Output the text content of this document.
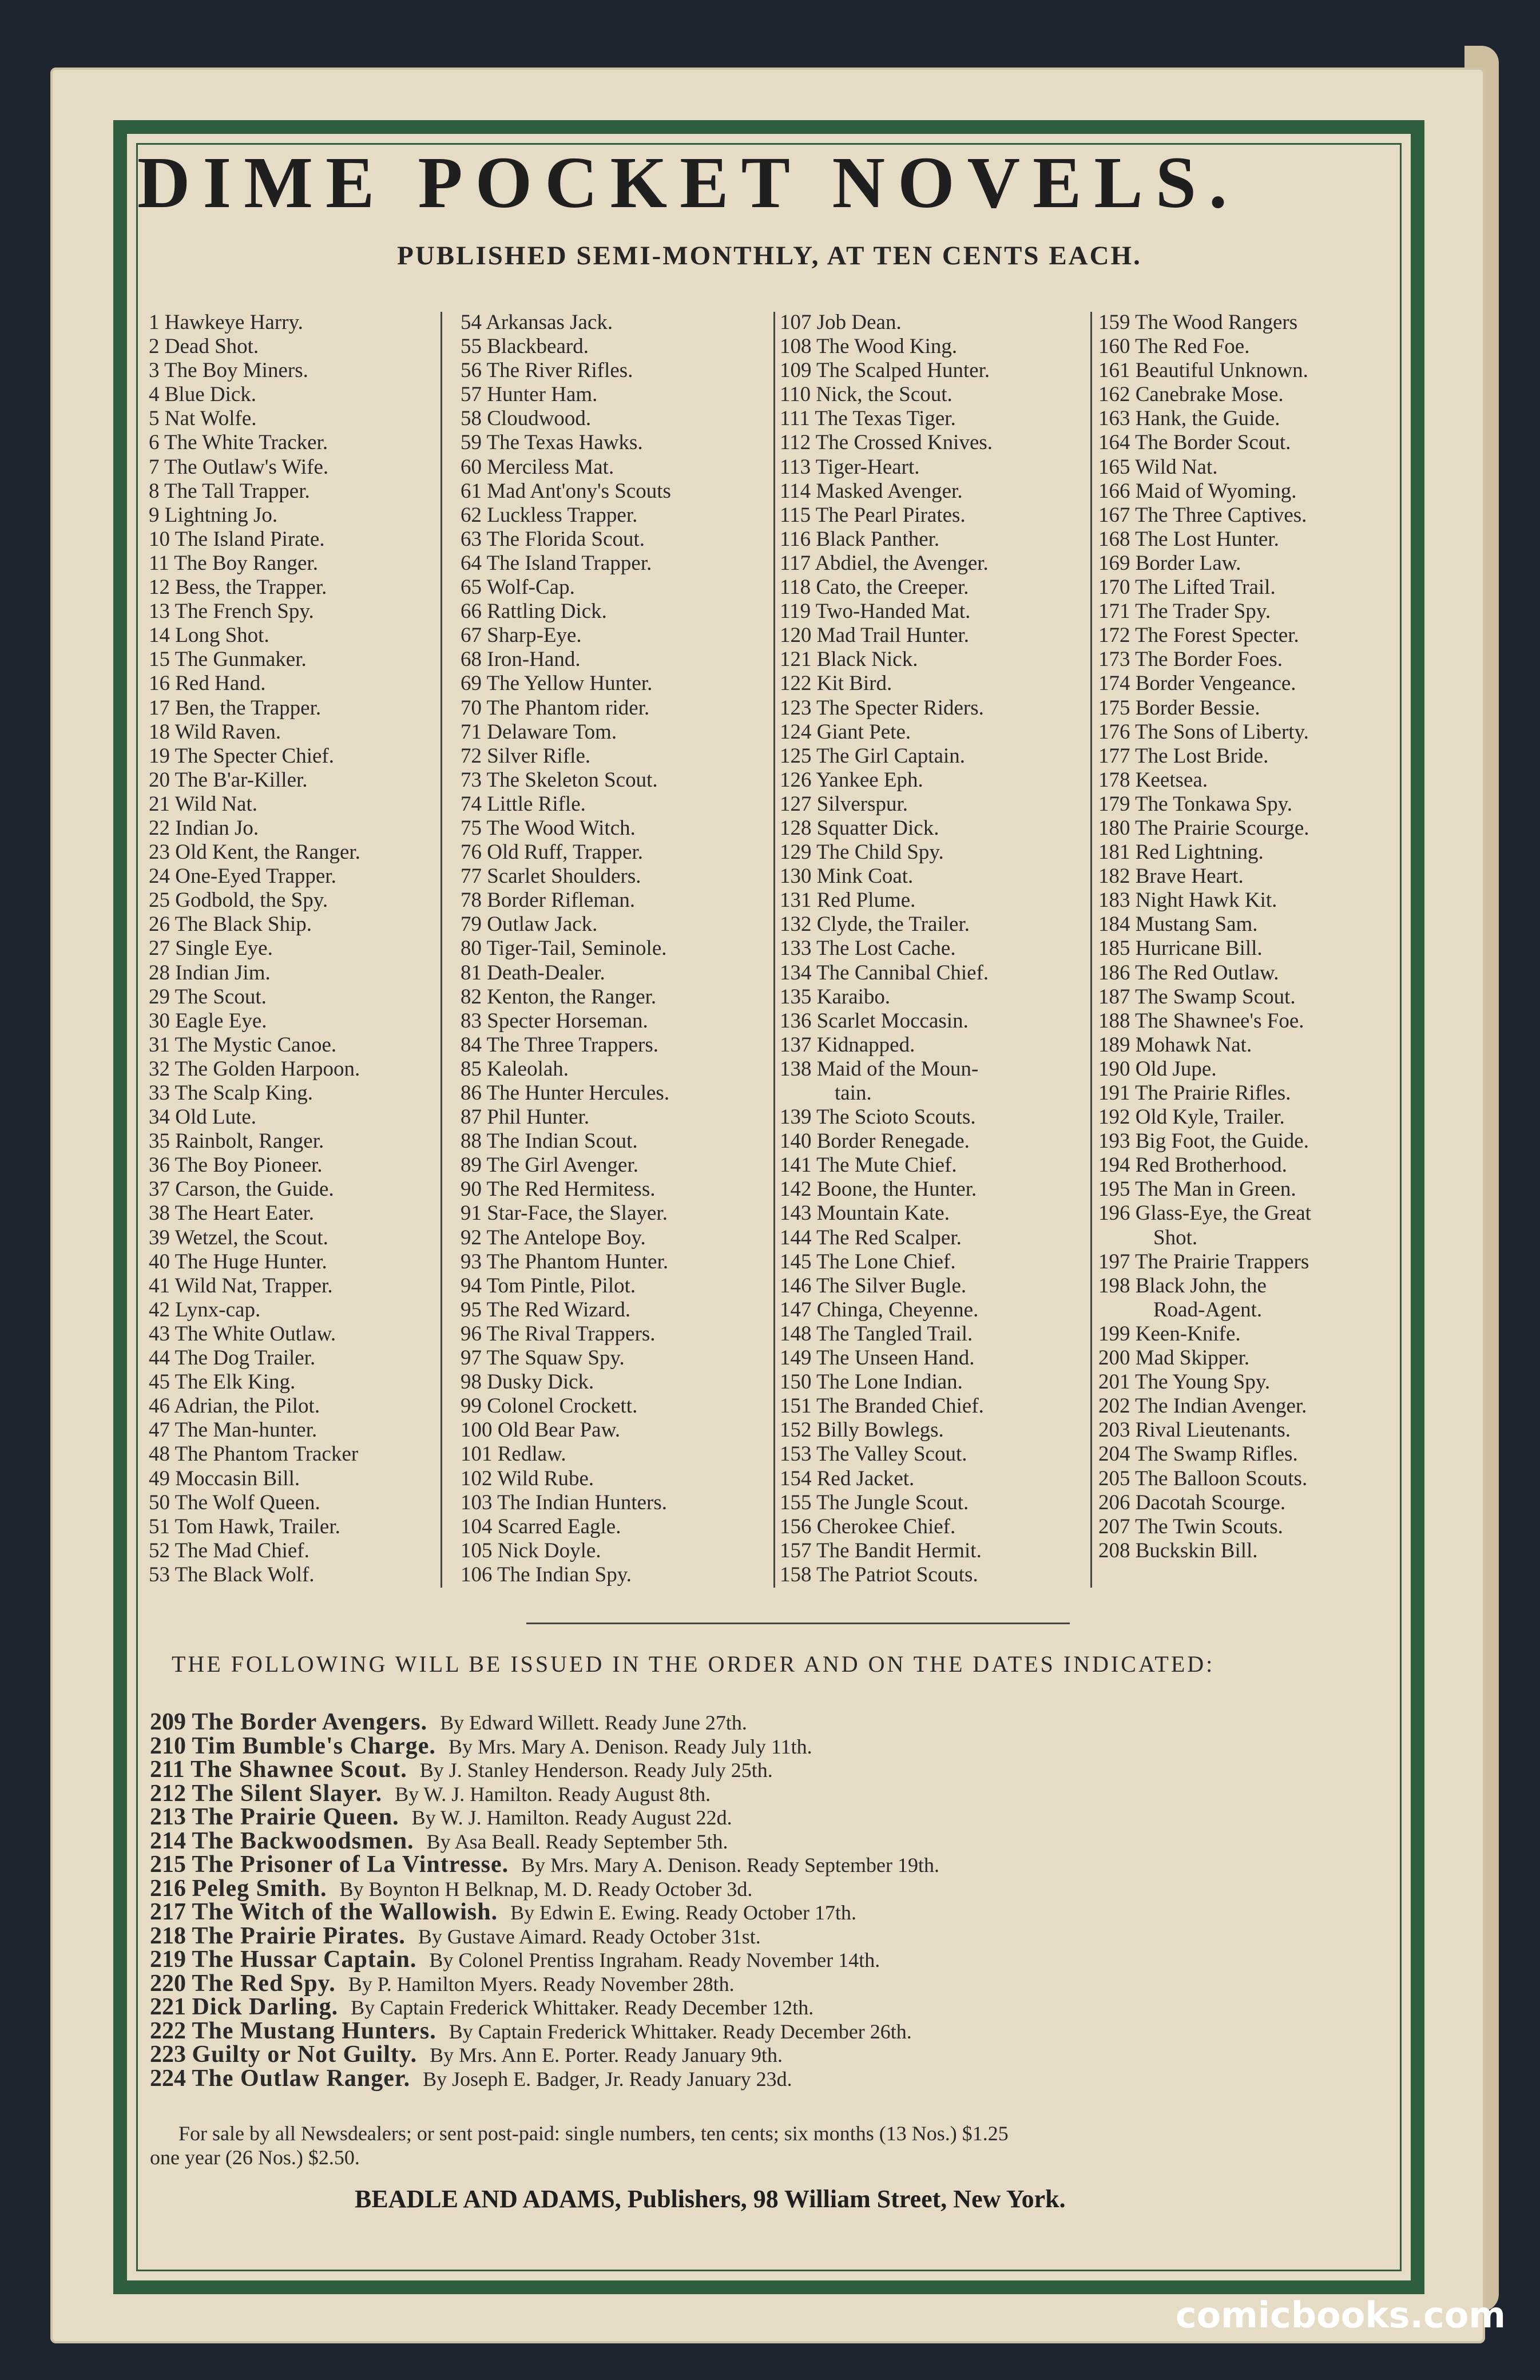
DIME POCKET NOVELS.
PUBLISHED SEMI-MONTHLY, AT TEN CENTS EACH.
1 Hawkeye Harry.
2 Dead Shot.
3 The Boy Miners.
4 Blue Dick.
5 Nat Wolfe.
6 The White Tracker.
7 The Outlaw's Wife.
8 The Tall Trapper.
9 Lightning Jo.
10 The Island Pirate.
11 The Boy Ranger.
12 Bess, the Trapper.
13 The French Spy.
14 Long Shot.
15 The Gunmaker.
16 Red Hand.
17 Ben, the Trapper.
18 Wild Raven.
19 The Specter Chief.
20 The B'ar-Killer.
21 Wild Nat.
22 Indian Jo.
23 Old Kent, the Ranger.
24 One-Eyed Trapper.
25 Godbold, the Spy.
26 The Black Ship.
27 Single Eye.
28 Indian Jim.
29 The Scout.
30 Eagle Eye.
31 The Mystic Canoe.
32 The Golden Harpoon.
33 The Scalp King.
34 Old Lute.
35 Rainbolt, Ranger.
36 The Boy Pioneer.
37 Carson, the Guide.
38 The Heart Eater.
39 Wetzel, the Scout.
40 The Huge Hunter.
41 Wild Nat, Trapper.
42 Lynx-cap.
43 The White Outlaw.
44 The Dog Trailer.
45 The Elk King.
46 Adrian, the Pilot.
47 The Man-hunter.
48 The Phantom Tracker
49 Moccasin Bill.
50 The Wolf Queen.
51 Tom Hawk, Trailer.
52 The Mad Chief.
53 The Black Wolf.
54 Arkansas Jack.
55 Blackbeard.
56 The River Rifles.
57 Hunter Ham.
58 Cloudwood.
59 The Texas Hawks.
60 Merciless Mat.
61 Mad Ant'ony's Scouts
62 Luckless Trapper.
63 The Florida Scout.
64 The Island Trapper.
65 Wolf-Cap.
66 Rattling Dick.
67 Sharp-Eye.
68 Iron-Hand.
69 The Yellow Hunter.
70 The Phantom rider.
71 Delaware Tom.
72 Silver Rifle.
73 The Skeleton Scout.
74 Little Rifle.
75 The Wood Witch.
76 Old Ruff, Trapper.
77 Scarlet Shoulders.
78 Border Rifleman.
79 Outlaw Jack.
80 Tiger-Tail, Seminole.
81 Death-Dealer.
82 Kenton, the Ranger.
83 Specter Horseman.
84 The Three Trappers.
85 Kaleolah.
86 The Hunter Hercules.
87 Phil Hunter.
88 The Indian Scout.
89 The Girl Avenger.
90 The Red Hermitess.
91 Star-Face, the Slayer.
92 The Antelope Boy.
93 The Phantom Hunter.
94 Tom Pintle, Pilot.
95 The Red Wizard.
96 The Rival Trappers.
97 The Squaw Spy.
98 Dusky Dick.
99 Colonel Crockett.
100 Old Bear Paw.
101 Redlaw.
102 Wild Rube.
103 The Indian Hunters.
104 Scarred Eagle.
105 Nick Doyle.
106 The Indian Spy.
107 Job Dean.
108 The Wood King.
109 The Scalped Hunter.
110 Nick, the Scout.
111 The Texas Tiger.
112 The Crossed Knives.
113 Tiger-Heart.
114 Masked Avenger.
115 The Pearl Pirates.
116 Black Panther.
117 Abdiel, the Avenger.
118 Cato, the Creeper.
119 Two-Handed Mat.
120 Mad Trail Hunter.
121 Black Nick.
122 Kit Bird.
123 The Specter Riders.
124 Giant Pete.
125 The Girl Captain.
126 Yankee Eph.
127 Silverspur.
128 Squatter Dick.
129 The Child Spy.
130 Mink Coat.
131 Red Plume.
132 Clyde, the Trailer.
133 The Lost Cache.
134 The Cannibal Chief.
135 Karaibo.
136 Scarlet Moccasin.
137 Kidnapped.
138 Maid of the Moun-
tain.
139 The Scioto Scouts.
140 Border Renegade.
141 The Mute Chief.
142 Boone, the Hunter.
143 Mountain Kate.
144 The Red Scalper.
145 The Lone Chief.
146 The Silver Bugle.
147 Chinga, Cheyenne.
148 The Tangled Trail.
149 The Unseen Hand.
150 The Lone Indian.
151 The Branded Chief.
152 Billy Bowlegs.
153 The Valley Scout.
154 Red Jacket.
155 The Jungle Scout.
156 Cherokee Chief.
157 The Bandit Hermit.
158 The Patriot Scouts.
159 The Wood Rangers
160 The Red Foe.
161 Beautiful Unknown.
162 Canebrake Mose.
163 Hank, the Guide.
164 The Border Scout.
165 Wild Nat.
166 Maid of Wyoming.
167 The Three Captives.
168 The Lost Hunter.
169 Border Law.
170 The Lifted Trail.
171 The Trader Spy.
172 The Forest Specter.
173 The Border Foes.
174 Border Vengeance.
175 Border Bessie.
176 The Sons of Liberty.
177 The Lost Bride.
178 Keetsea.
179 The Tonkawa Spy.
180 The Prairie Scourge.
181 Red Lightning.
182 Brave Heart.
183 Night Hawk Kit.
184 Mustang Sam.
185 Hurricane Bill.
186 The Red Outlaw.
187 The Swamp Scout.
188 The Shawnee's Foe.
189 Mohawk Nat.
190 Old Jupe.
191 The Prairie Rifles.
192 Old Kyle, Trailer.
193 Big Foot, the Guide.
194 Red Brotherhood.
195 The Man in Green.
196 Glass-Eye, the Great
Shot.
197 The Prairie Trappers
198 Black John, the
Road-Agent.
199 Keen-Knife.
200 Mad Skipper.
201 The Young Spy.
202 The Indian Avenger.
203 Rival Lieutenants.
204 The Swamp Rifles.
205 The Balloon Scouts.
206 Dacotah Scourge.
207 The Twin Scouts.
208 Buckskin Bill.
THE FOLLOWING WILL BE ISSUED IN THE ORDER AND ON THE DATES INDICATED:
209 The Border Avengers. By Edward Willett. Ready June 27th.
210 Tim Bumble's Charge. By Mrs. Mary A. Denison. Ready July 11th.
211 The Shawnee Scout. By J. Stanley Henderson. Ready July 25th.
212 The Silent Slayer. By W. J. Hamilton. Ready August 8th.
213 The Prairie Queen. By W. J. Hamilton. Ready August 22d.
214 The Backwoodsmen. By Asa Beall. Ready September 5th.
215 The Prisoner of La Vintresse. By Mrs. Mary A. Denison. Ready September 19th.
216 Peleg Smith. By Boynton H Belknap, M. D. Ready October 3d.
217 The Witch of the Wallowish. By Edwin E. Ewing. Ready October 17th.
218 The Prairie Pirates. By Gustave Aimard. Ready October 31st.
219 The Hussar Captain. By Colonel Prentiss Ingraham. Ready November 14th.
220 The Red Spy. By P. Hamilton Myers. Ready November 28th.
221 Dick Darling. By Captain Frederick Whittaker. Ready December 12th.
222 The Mustang Hunters. By Captain Frederick Whittaker. Ready December 26th.
223 Guilty or Not Guilty. By Mrs. Ann E. Porter. Ready January 9th.
224 The Outlaw Ranger. By Joseph E. Badger, Jr. Ready January 23d.
For sale by all Newsdealers; or sent post-paid: single numbers, ten cents; six months (13 Nos.) $1.25
one year (26 Nos.) $2.50.
BEADLE AND ADAMS, Publishers, 98 William Street, New York.
comicbooks.com
